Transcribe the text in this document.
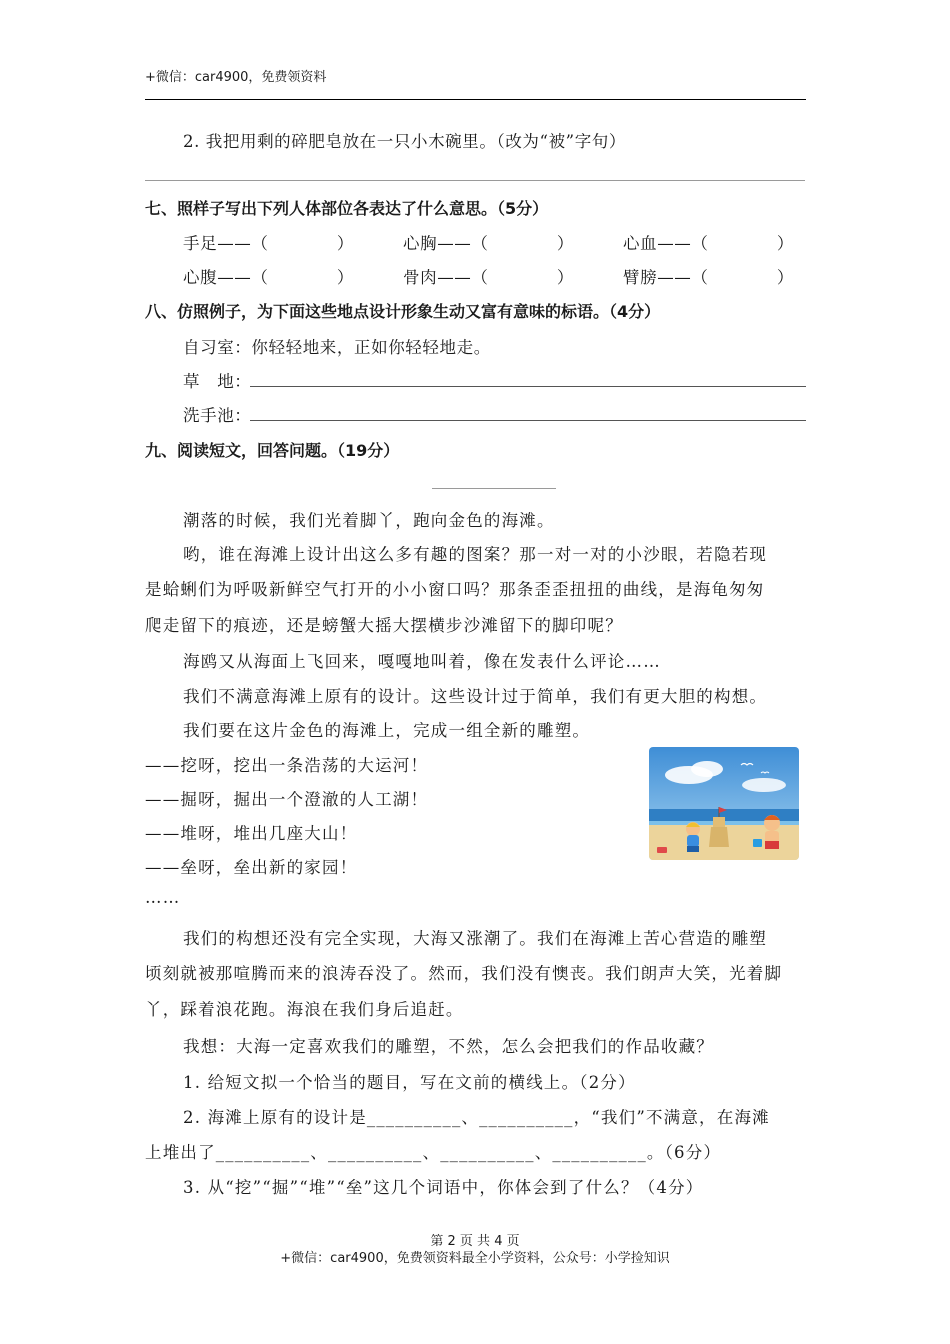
+微信：car4900，免费领资料
2. 我把用剩的碎肥皂放在一只小木碗里。（改为“被”字句）
七、照样子写出下列人体部位各表达了什么意思。（5分）
手足——（　　　　）	心胸——（　　　　）	心血——（　　　　）
心腹——（　　　　）	骨肉——（　　　　）	臂膀——（　　　　）
八、仿照例子，为下面这些地点设计形象生动又富有意味的标语。（4分）
自习室：你轻轻地来，正如你轻轻地走。
草　地：
洗手池：
九、阅读短文，回答问题。（19分）
潮落的时候，我们光着脚丫，跑向金色的海滩。
哟，谁在海滩上设计出这么多有趣的图案？那一对一对的小沙眼，若隐若现
是蛤蜊们为呼吸新鲜空气打开的小小窗口吗？那条歪歪扭扭的曲线，是海龟匆匆
爬走留下的痕迹，还是螃蟹大摇大摆横步沙滩留下的脚印呢？
海鸥又从海面上飞回来，嘎嘎地叫着，像在发表什么评论……
我们不满意海滩上原有的设计。这些设计过于简单，我们有更大胆的构想。
我们要在这片金色的海滩上，完成一组全新的雕塑。
——挖呀，挖出一条浩荡的大运河！
——掘呀，掘出一个澄澈的人工湖！
——堆呀，堆出几座大山！
——垒呀，垒出新的家园！
……
我们的构想还没有完全实现，大海又涨潮了。我们在海滩上苦心营造的雕塑
顷刻就被那喧腾而来的浪涛吞没了。然而，我们没有懊丧。我们朗声大笑，光着脚
丫，踩着浪花跑。海浪在我们身后追赶。
我想：大海一定喜欢我们的雕塑，不然，怎么会把我们的作品收藏？
1. 给短文拟一个恰当的题目，写在文前的横线上。（2分）
2. 海滩上原有的设计是__________、__________，“我们”不满意，在海滩
上堆出了__________、__________、__________、__________。（6分）
3. 从“挖”“掘”“堆”“垒”这几个词语中，你体会到了什么？（4分）
第 2 页 共 4 页
+微信：car4900，免费领资料最全小学资料，公众号：小学捡知识
